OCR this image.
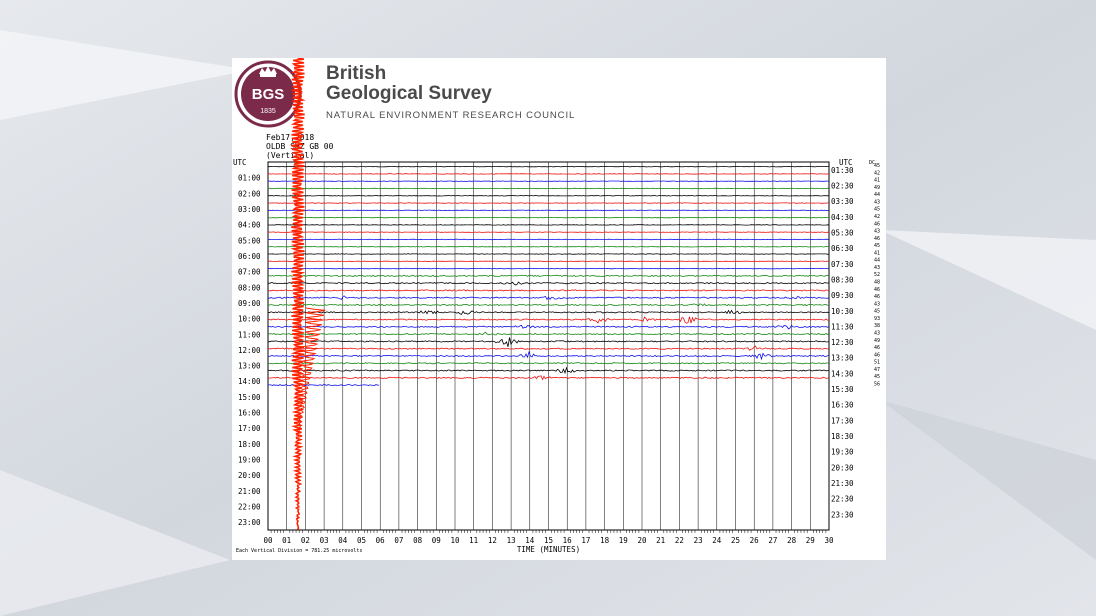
BGS
1835
British
Geological Survey
NATURAL ENVIRONMENT RESEARCH COUNCIL
Feb17,2018
OLDB SHZ GB 00
(Vertical)
00 01 02 03 04 05 06 07 08 09 10 11 12 13 14 15 16 17 18 19 20 21 22 23 24 25 26 27 28 29 30
TIME (MINUTES)
Each Vertical Division = 781.25 microvolts
UTC	UTC
01:00
02:00
03:00
04:00
05:00
06:00
07:00
08:00
09:00
10:00
11:00
12:00
13:00
14:00
15:00
16:00
17:00
18:00
19:00
20:00
21:00
22:00
23:00
01:30
02:30
03:30
04:30
05:30
06:30
07:30
08:30
09:30
10:30
11:30
12:30
13:30
14:30
15:30
16:30
17:30
18:30
19:30
20:30
21:30
22:30
23:30
DC
45
42
41
49
44
43
45
42
46
43
46
45
41
44
43
52
48
46
46
43
45
93
38
43
49
46
46
51
47
45
56
